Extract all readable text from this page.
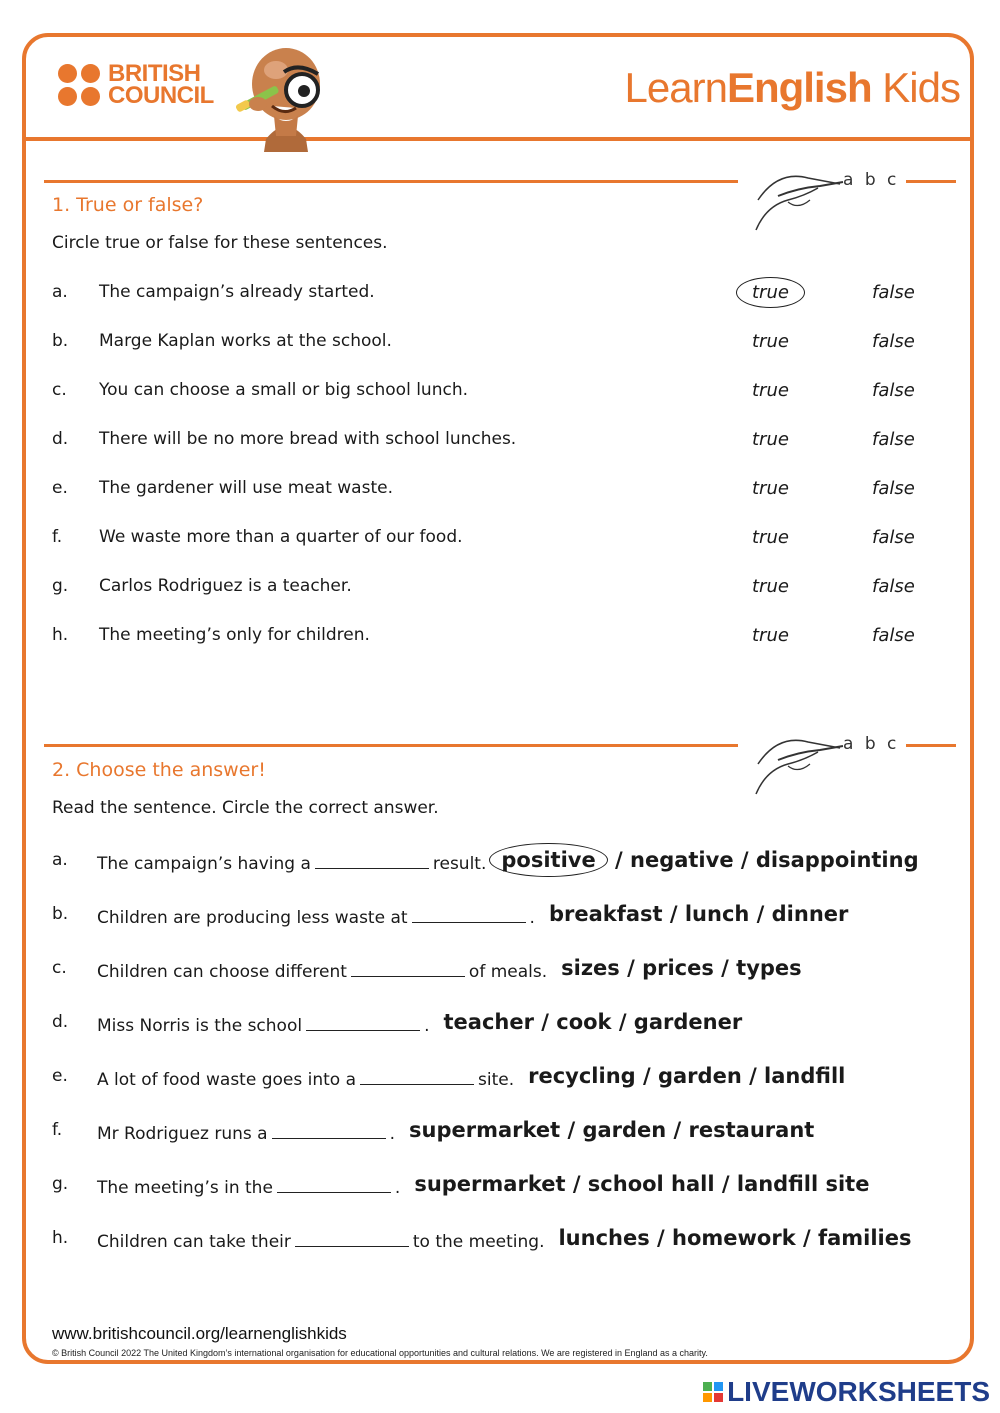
BRITISH
COUNCIL	LearnEnglish Kids
a b c
1. True or false?
Circle true or false for these sentences.
a. The campaign’s already started.	true	false
b. Marge Kaplan works at the school.	true	false
c. You can choose a small or big school lunch.	true	false
d. There will be no more bread with school lunches.	true	false
e. The gardener will use meat waste.	true	false
f. We waste more than a quarter of our food.	true	false
g. Carlos Rodriguez is a teacher.	true	false
h. The meeting’s only for children.	true	false
a b c
2. Choose the answer!
Read the sentence. Circle the correct answer.
a. The campaign’s having a	result. positive / negative / disappointing
b. Children are producing less waste at	. breakfast / lunch / dinner
c. Children can choose different	of meals. sizes / prices / types
d. Miss Norris is the school	. teacher / cook / gardener
e. A lot of food waste goes into a	site. recycling / garden / landfill
f. Mr Rodriguez runs a	. supermarket / garden / restaurant
g. The meeting’s in the	. supermarket / school hall / landfill site
h. Children can take their	to the meeting. lunches / homework / families
www.britishcouncil.org/learnenglishkids
© British Council 2022 The United Kingdom’s international organisation for educational opportunities and cultural relations. We are registered in England as a charity.
LIVEWORKSHEETS
